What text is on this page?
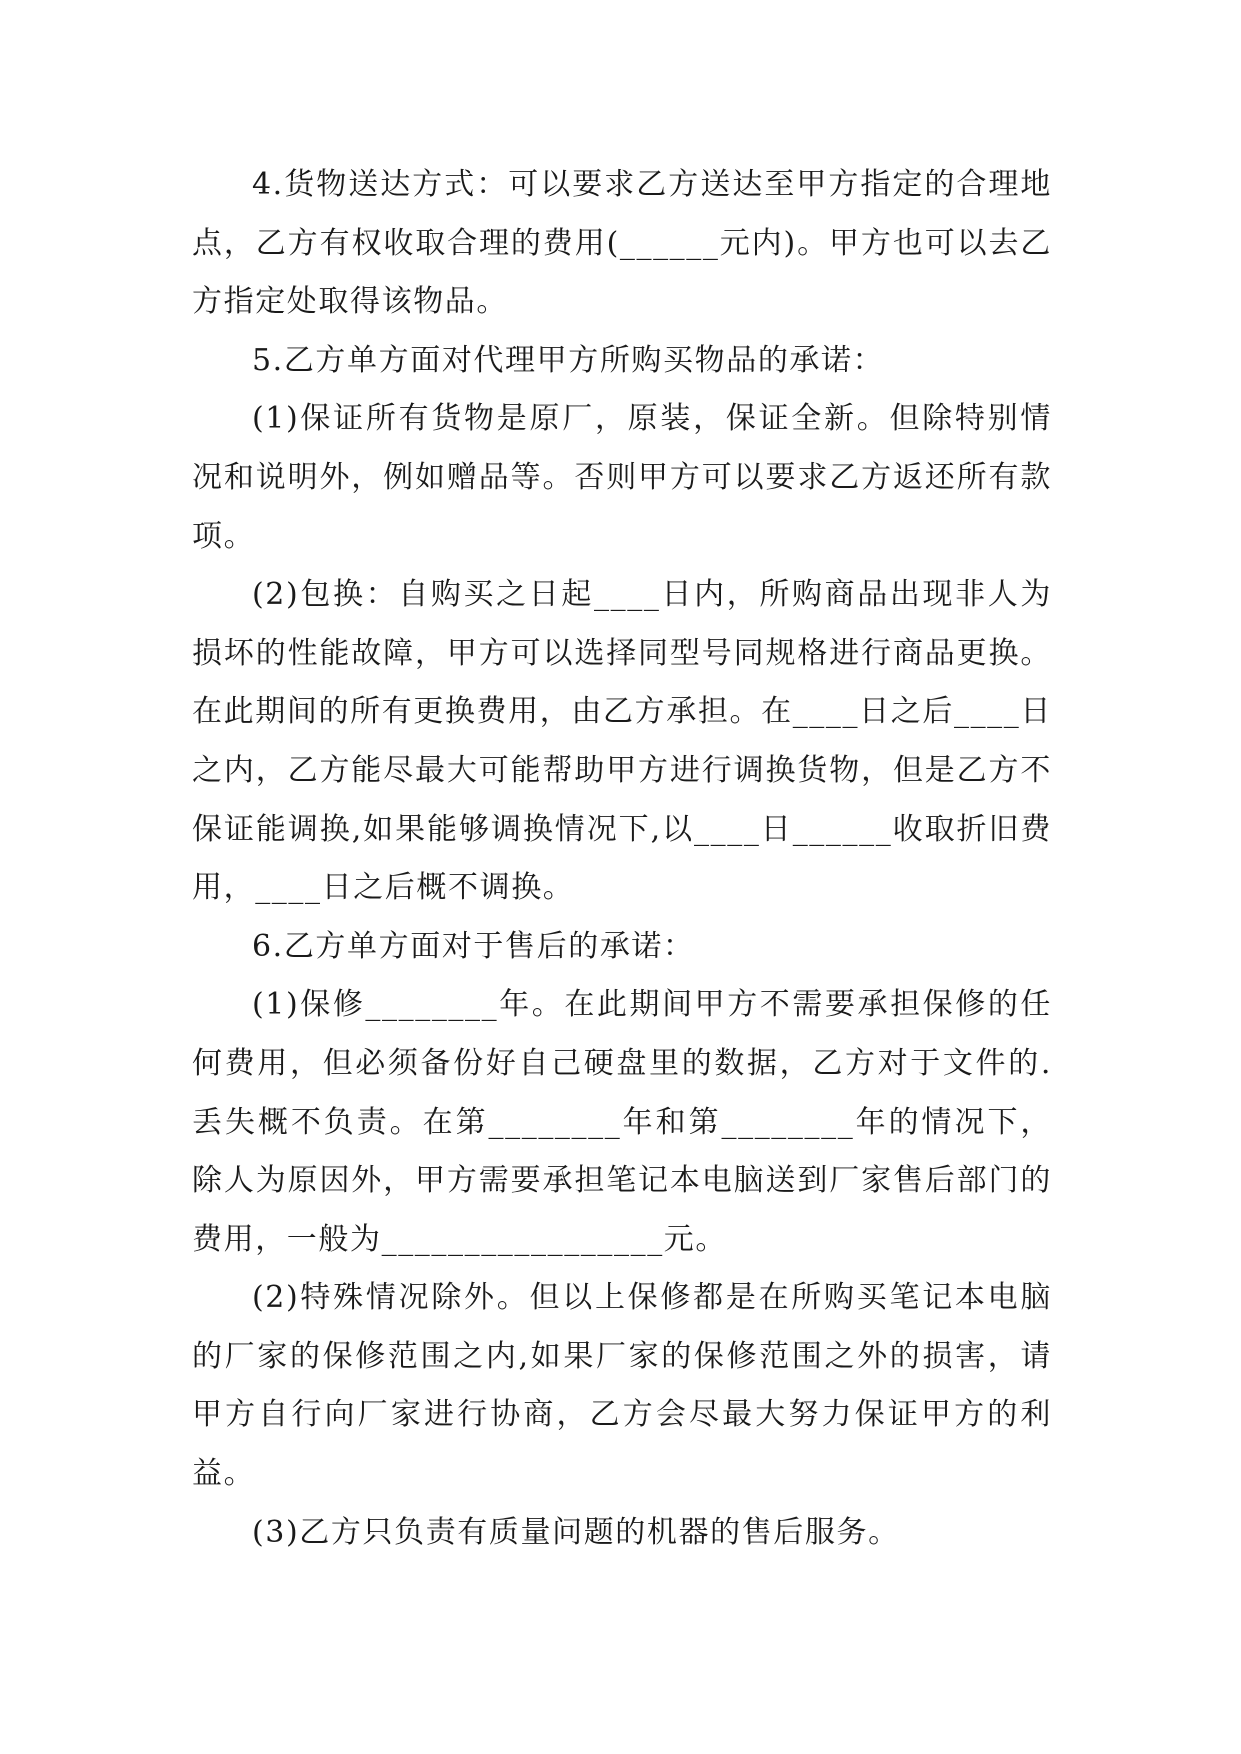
4.货物送达方式：可以要求乙方送达至甲方指定的合理地点，乙方有权收取合理的费用(______元内)。甲方也可以去乙方指定处取得该物品。

5.乙方单方面对代理甲方所购买物品的承诺：

(1)保证所有货物是原厂，原装，保证全新。但除特别情况和说明外，例如赠品等。否则甲方可以要求乙方返还所有款项。

(2)包换：自购买之日起____日内，所购商品出现非人为损坏的性能故障，甲方可以选择同型号同规格进行商品更换。在此期间的所有更换费用，由乙方承担。在____日之后____日之内，乙方能尽最大可能帮助甲方进行调换货物，但是乙方不保证能调换,如果能够调换情况下,以____日______收取折旧费用，____日之后概不调换。

6.乙方单方面对于售后的承诺：

(1)保修________年。在此期间甲方不需要承担保修的任何费用，但必须备份好自己硬盘里的数据，乙方对于文件的.丢失概不负责。在第________年和第________年的情况下，除人为原因外，甲方需要承担笔记本电脑送到厂家售后部门的费用，一般为_________________元。

(2)特殊情况除外。但以上保修都是在所购买笔记本电脑的厂家的保修范围之内,如果厂家的保修范围之外的损害，请甲方自行向厂家进行协商，乙方会尽最大努力保证甲方的利益。

(3)乙方只负责有质量问题的机器的售后服务。
